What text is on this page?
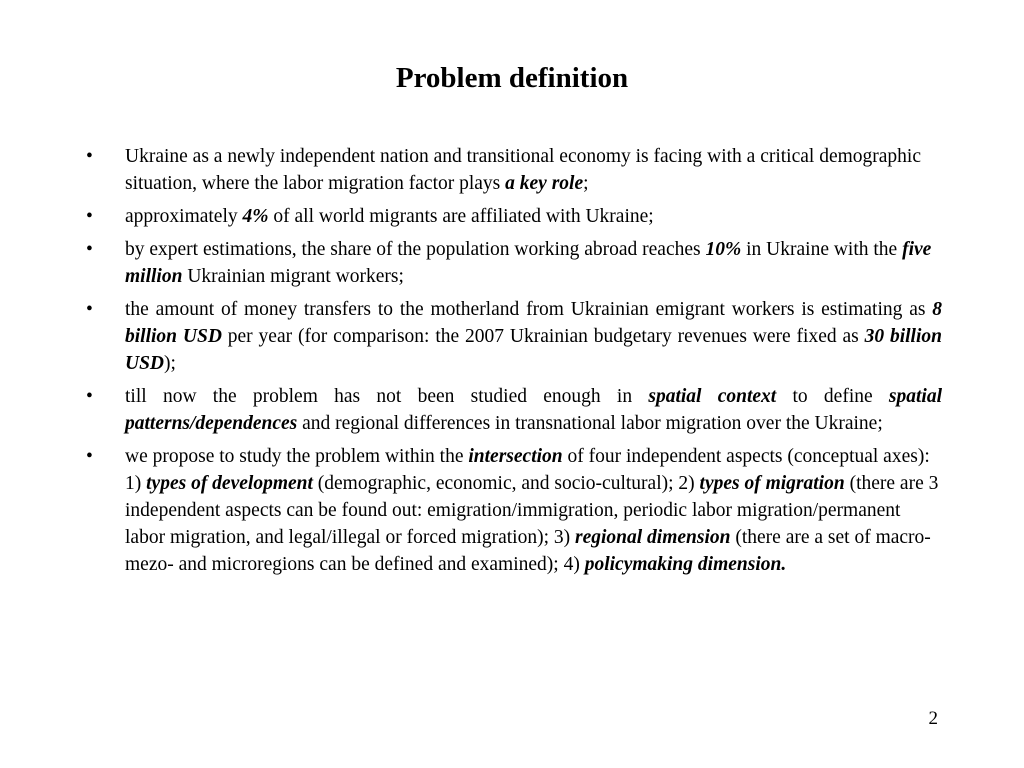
Problem definition
• Ukraine as a newly independent nation and transitional economy is facing with a critical demographic situation, where the labor migration factor plays a key role;
• approximately 4% of all world migrants are affiliated with Ukraine;
• by expert estimations, the share of the population working abroad reaches 10% in Ukraine with the five million Ukrainian migrant workers;
• the amount of money transfers to the motherland from Ukrainian emigrant workers is estimating as 8 billion USD per year (for comparison: the 2007 Ukrainian budgetary revenues were fixed as 30 billion USD);
• till now the problem has not been studied enough in spatial context to define spatial patterns/dependences and regional differences in transnational labor migration over the Ukraine;
• we propose to study the problem within the intersection of four independent aspects (conceptual axes): 1) types of development (demographic, economic, and socio-cultural); 2) types of migration (there are 3 independent aspects can be found out: emigration/immigration, periodic labor migration/permanent labor migration, and legal/illegal or forced migration); 3) regional dimension (there are a set of macro- mezo- and microregions can be defined and examined); 4) policymaking dimension.
2
